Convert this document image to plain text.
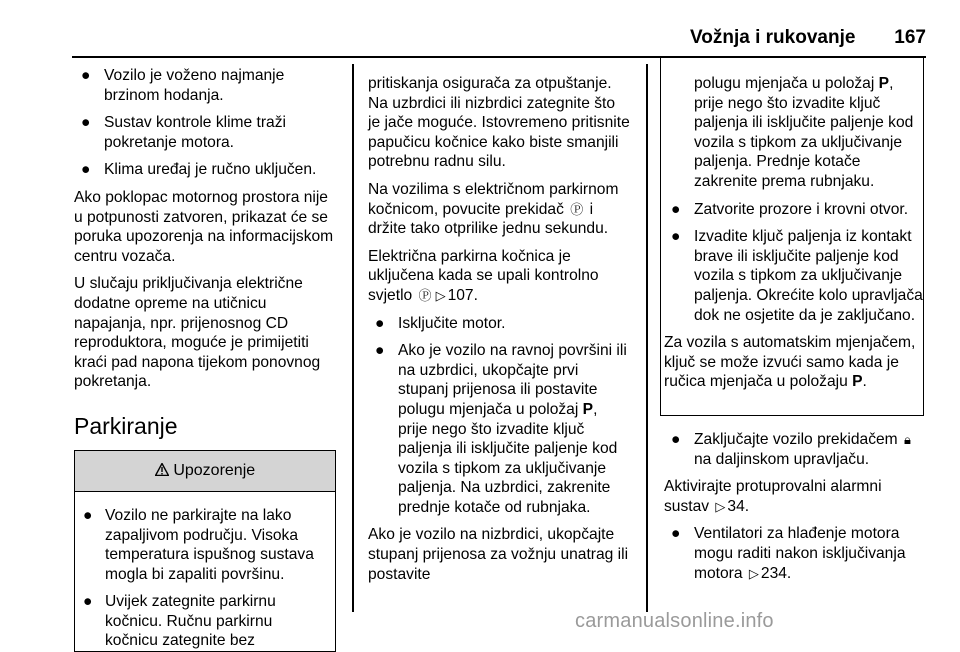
Vožnja i rukovanje 167
● Vozilo je voženo najmanje brzinom hodanja.
● Sustav kontrole klime traži pokretanje motora.
● Klima uređaj je ručno uključen.

Ako poklopac motornog prostora nije u potpunosti zatvoren, prikazat će se poruka upozorenja na informacijskom centru vozača.

U slučaju priključivanja električne dodatne opreme na utičnicu napajanja, npr. prijenosnog CD reproduktora, moguće je primijetiti kraći pad napona tijekom ponovnog pokretanja.

Parkiranje
Upozorenje
● Vozilo ne parkirajte na lako zapaljivom području. Visoka temperatura ispušnog sustava mogla bi zapaliti površinu.
● Uvijek zategnite parkirnu kočnicu. Ručnu parkirnu kočnicu zategnite bez

pritiskanja osigurača za otpuštanje. Na uzbrdici ili nizbrdici zategnite što je jače moguće. Istovremeno pritisnite papučicu kočnice kako biste smanjili potrebnu radnu silu.

Na vozilima s električnom parkirnom kočnicom, povucite prekidač Ⓟ i držite tako otprilike jednu sekundu.

Električna parkirna kočnica je uključena kada se upali kontrolno svjetlo Ⓟ ▷ 107.

● Isključite motor.
● Ako je vozilo na ravnoj površini ili na uzbrdici, ukopčajte prvi stupanj prijenosa ili postavite polugu mjenjača u položaj P, prije nego što izvadite ključ paljenja ili isključite paljenje kod vozila s tipkom za uključivanje paljenja. Na uzbrdici, zakrenite prednje kotače od rubnjaka.

Ako je vozilo na nizbrdici, ukopčajte stupanj prijenosa za vožnju unatrag ili postavite

polugu mjenjača u položaj P, prije nego što izvadite ključ paljenja ili isključite paljenje kod vozila s tipkom za uključivanje paljenja. Prednje kotače zakrenite prema rubnjaku.

● Zatvorite prozore i krovni otvor.
● Izvadite ključ paljenja iz kontakt brave ili isključite paljenje kod vozila s tipkom za uključivanje paljenja. Okrećite kolo upravljača dok ne osjetite da je zaključano.

Za vozila s automatskim mjenjačem, ključ se može izvući samo kada je ručica mjenjača u položaju P.

● Zaključajte vozilo prekidačem 🔒︎na daljinskom upravljaču.

Aktivirajte protuprovalni alarmni sustav ▷ 34.

● Ventilatori za hlađenje motora mogu raditi nakon isključivanja motora ▷ 234.
carmanualsonline.info
